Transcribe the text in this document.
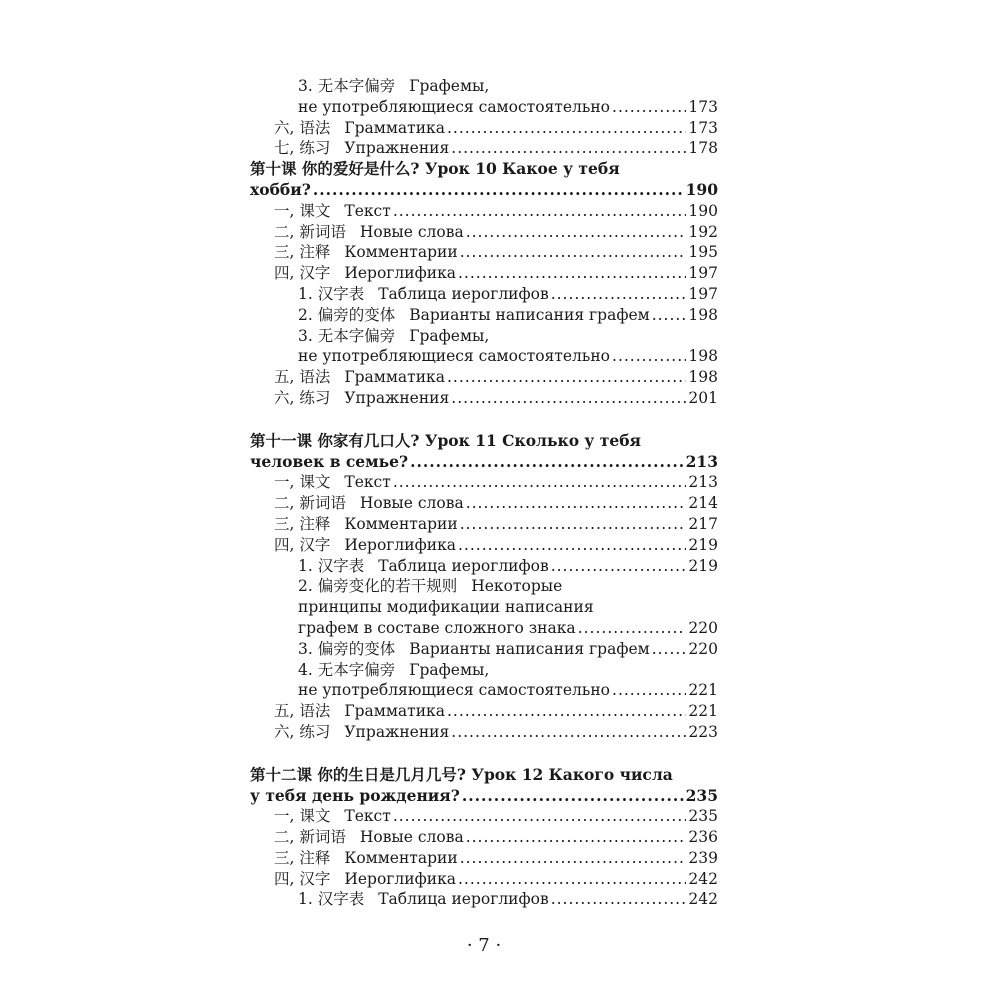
3. 无本字偏旁 Графемы,
не употребляющиеся самостоятельно .....	173
六, 语法 Грамматика .....	173
七, 练习 Упражнения .....	178
第十课 你的爱好是什么? Урок 10 Какое у тебя
хобби? .....	190
一, 课文 Текст .....	190
二, 新词语 Новые слова .....	192
三, 注释 Комментарии .....	195
四, 汉字 Иероглифика .....	197
1. 汉字表 Таблица иероглифов .....	197
2. 偏旁的变体 Варианты написания графем ..... 198
3. 无本字偏旁 Графемы,
не употребляющиеся самостоятельно .....	198
五, 语法 Грамматика .....	198
六, 练习 Упражнения .....	201
第十一课 你家有几口人? Урок 11 Сколько у тебя
человек в семье? .....	213
一, 课文 Текст .....	213
二, 新词语 Новые слова .....	214
三, 注释 Комментарии .....	217
四, 汉字 Иероглифика .....	219
1. 汉字表 Таблица иероглифов .....	219
2. 偏旁变化的若干规则 Некоторые
принципы модификации написания
графем в составе сложного знака .....	220
3. 偏旁的变体 Варианты написания графем ..... 220
4. 无本字偏旁 Графемы,
не употребляющиеся самостоятельно .....	221
五, 语法 Грамматика .....	221
六, 练习 Упражнения .....	223
第十二课 你的生日是几月几号? Урок 12 Какого числа
у тебя день рождения? .....	235
一, 课文 Текст .....	235
二, 新词语 Новые слова .....	236
三, 注释 Комментарии .....	239
四, 汉字 Иероглифика .....	242
1. 汉字表 Таблица иероглифов .....	242
· 7 ·
